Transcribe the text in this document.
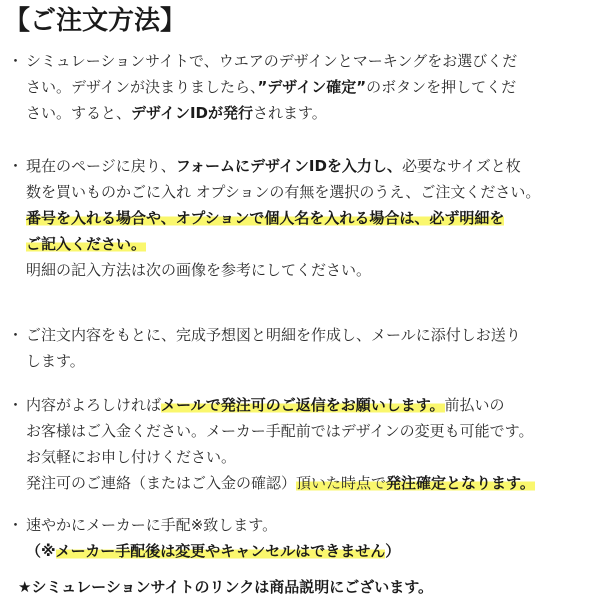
【ご注文方法】
・ シミュレーションサイトで、ウエアのデザインとマーキングをお選びくだ
さい。デザインが決まりましたら、”デザイン確定”のボタンを押してくだ
さい。すると、デザインIDが発行されます。
・ 現在のページに戻り、フォームにデザインIDを入力し、必要なサイズと枚
数を買いものかごに入れ オプションの有無を選択のうえ、ご注文ください。
番号を入れる場合や、オプションで個人名を入れる場合は、必ず明細を
ご記入ください。
明細の記入方法は次の画像を参考にしてください。
・ ご注文内容をもとに、完成予想図と明細を作成し、メールに添付しお送り
します。
・ 内容がよろしければメールで発注可のご返信をお願いします。前払いの
お客様はご入金ください。メーカー手配前ではデザインの変更も可能です。
お気軽にお申し付けください。
発注可のご連絡（またはご入金の確認）頂いた時点で発注確定となります。
・ 速やかにメーカーに手配※致します。
（※メーカー手配後は変更やキャンセルはできません）
★シミュレーションサイトのリンクは商品説明にございます。
